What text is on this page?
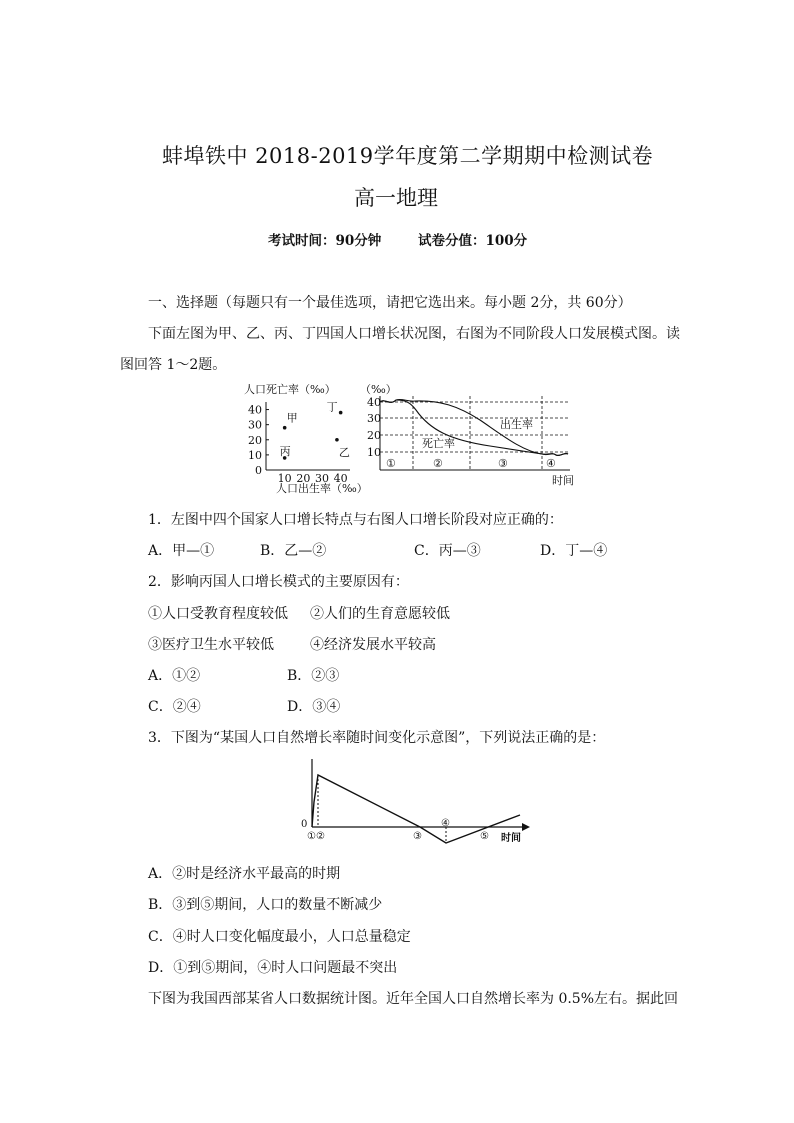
蚌埠铁中 2018-2019学年度第二学期期中检测试卷
高一地理
考试时间：90分钟	试卷分值：100分
一、选择题（每题只有一个最佳选项，请把它选出来。每小题 2分，共 60分）
下面左图为甲、乙、丙、丁四国人口增长状况图，右图为不同阶段人口发展模式图。读
图回答 1～2题。
人口死亡率（‰）
40
30
20
10
0
10 20 30 40
甲
乙
丙
丁
人口出生率（‰）
（‰）
40
30
20
10
出生率
死亡率
①	②	③	④
时间
1．左图中四个国家人口增长特点与右图人口增长阶段对应正确的：
A．甲—①	B．乙—②	C．丙—③	D．丁—④
2．影响丙国人口增长模式的主要原因有：
①人口受教育程度较低 ②人们的生育意愿较低
③医疗卫生水平较低	④经济发展水平较高
A．①②	B．②③
C．②④	D．③④
3．下图为“某国人口自然增长率随时间变化示意图”，下列说法正确的是：
0
① ②	③
④
⑤ 时间
A．②时是经济水平最高的时期
B．③到⑤期间，人口的数量不断减少
C．④时人口变化幅度最小，人口总量稳定
D．①到⑤期间，④时人口问题最不突出
下图为我国西部某省人口数据统计图。近年全国人口自然增长率为 0.5%左右。据此回
